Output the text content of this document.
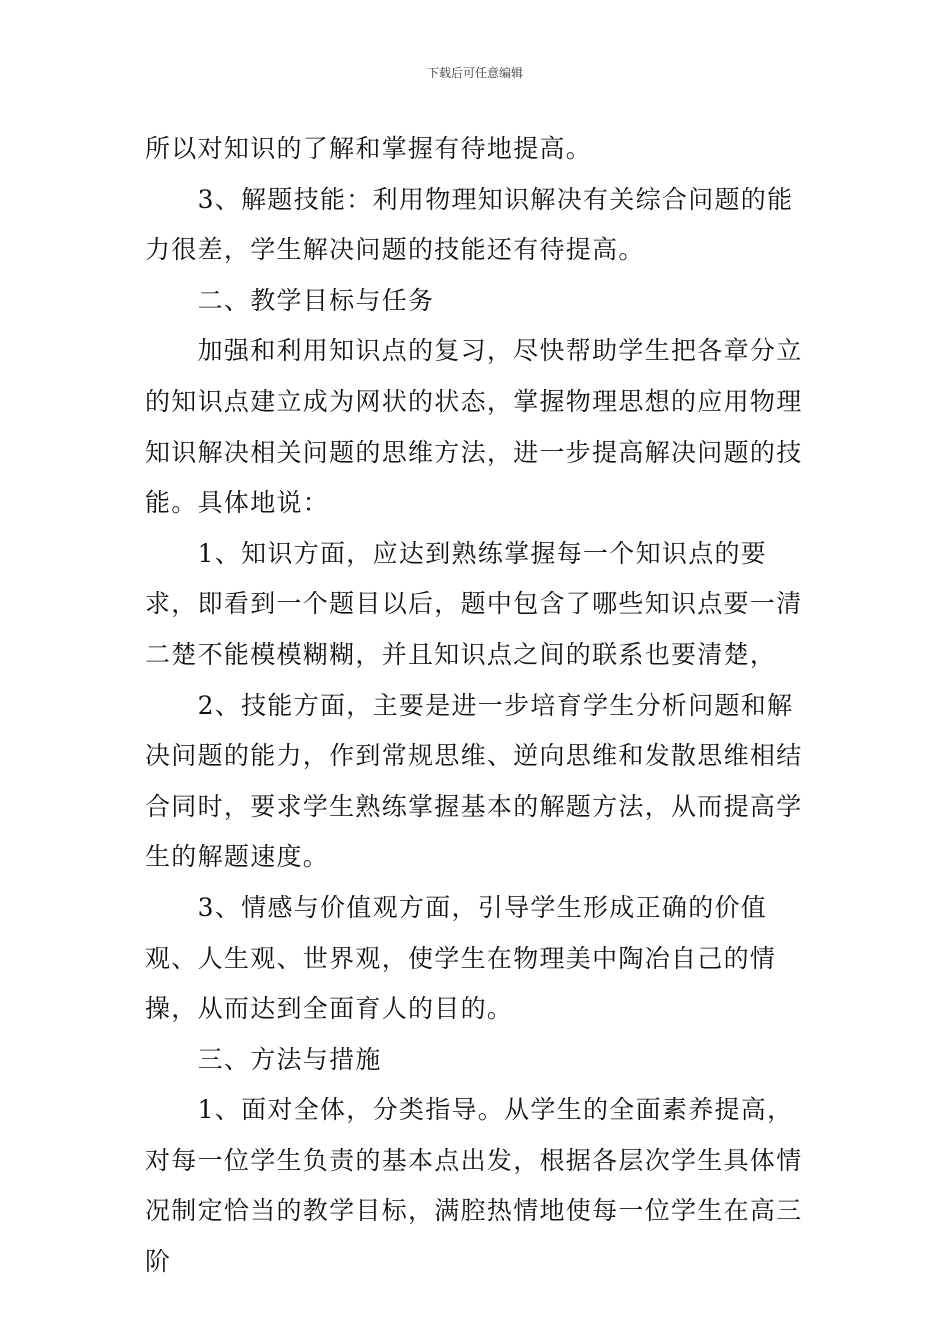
下载后可任意编辑

所以对知识的了解和掌握有待地提高。

　　3、解题技能：利用物理知识解决有关综合问题的能力很差，学生解决问题的技能还有待提高。

　　二、教学目标与任务

　　加强和利用知识点的复习，尽快帮助学生把各章分立的知识点建立成为网状的状态，掌握物理思想的应用物理知识解决相关问题的思维方法，进一步提高解决问题的技能。具体地说：

　　1、知识方面，应达到熟练掌握每一个知识点的要求，即看到一个题目以后，题中包含了哪些知识点要一清二楚不能模模糊糊，并且知识点之间的联系也要清楚，

　　2、技能方面，主要是进一步培育学生分析问题和解决问题的能力，作到常规思维、逆向思维和发散思维相结合同时，要求学生熟练掌握基本的解题方法，从而提高学生的解题速度。

　　3、情感与价值观方面，引导学生形成正确的价值观、人生观、世界观，使学生在物理美中陶冶自己的情操，从而达到全面育人的目的。

　　三、方法与措施

　　1、面对全体，分类指导。从学生的全面素养提高，对每一位学生负责的基本点出发，根据各层次学生具体情况制定恰当的教学目标，满腔热情地使每一位学生在高三阶
